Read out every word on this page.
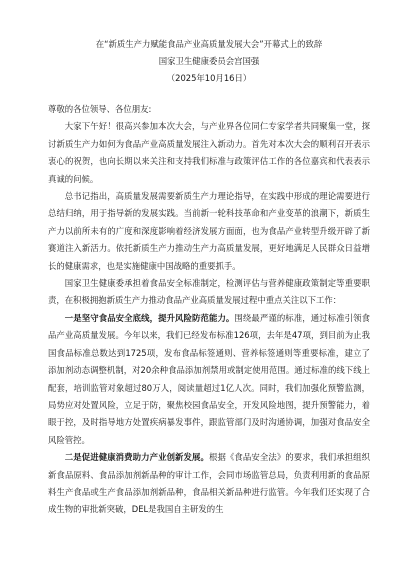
在“新质生产力赋能食品产业高质量发展大会”开幕式上的致辞

国家卫生健康委员会宫国强

（2025年10月16日）

尊敬的各位领导、各位朋友:

大家下午好！很高兴参加本次大会，与产业界各位同仁专家学者共同聚集一堂，探讨新质生产力如何为食品产业高质量发展注入新动力。首先对本次大会的顺利召开表示衷心的祝贺，也向长期以来关注和支持我们标准与政策评估工作的各位嘉宾和代表表示真诚的问候。

总书记指出，高质量发展需要新质生产力理论指导，在实践中形成的理论需要进行总结归纳，用于指导新的发展实践。当前新一轮科技革命和产业变革的浪潮下，新质生产力以前所未有的广度和深度影响着经济发展方面面，也为食品产业转型升级开辟了新赛道注入新活力。依托新质生产力推动生产力高质量发展，更好地满足人民群众日益增长的健康需求，也是实施健康中国战略的重要抓手。

国家卫生健康委承担着食品安全标准制定，检测评估与营养健康政策制定等重要职责，在积极拥抱新质生产力推动食品产业高质量发展过程中重点关注以下工作：

一是坚守食品安全底线，提升风险防范能力。围绕最严谨的标准，通过标准引领食品产业高质量发展。今年以来，我们已经发布标准126项，去年是47项，到目前为止我国食品标准总数达到1725项，发布食品标签通则、营养标签通则等重要标准，建立了添加剂动态调整机制，对20余种食品添加剂禁用或制定使用范围。通过标准的线下线上配套，培训监管对象超过80万人，阅读量超过1亿人次。同时，我们加强化预警监测，局势应对处置风险，立足于防，聚焦校园食品安全，开发风险地图，提升预警能力，着眼于控，及时指导地方处置疾病暴发事件，跟监管部门及时沟通协调，加强对食品安全风险管控。

二是促进健康消费助力产业创新发展。根据《食品安全法》的要求，我们承担组织新食品原料、食品添加剂新品种的审计工作，会同市场监管总局，负责利用新的食品原料生产食品或生产食品添加剂新品种，食品相关新品种进行监管。今年我们还实现了合成生物的审批新突破，DEL是我国自主研发的生
